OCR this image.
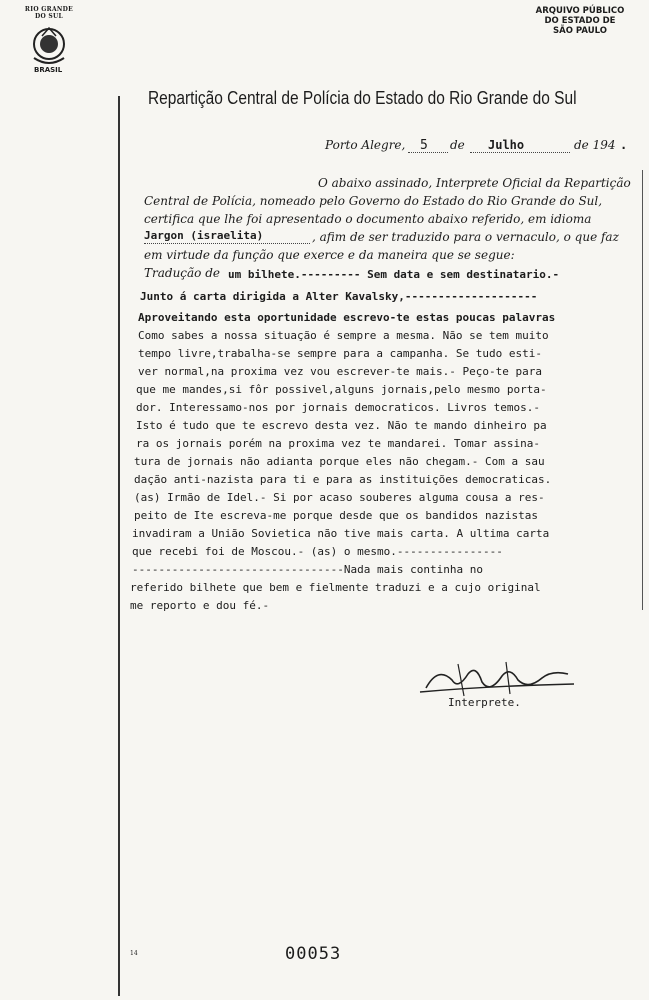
RIO GRANDE DO SUL
BRASIL
ARQUIVO PÚBLICO
DO ESTADO DE
SÃO PAULO
Repartição Central de Polícia do Estado do Rio Grande do Sul
Porto Alegre, 5 de Julho	de 194 .
O abaixo assinado, Interprete Oficial da Repartição
Central de Polícia, nomeado pelo Governo do Estado do Rio Grande do Sul,
certifica que lhe foi apresentado o documento abaixo referido, em idioma
Jargon (israelita)	, afim de ser traduzido para o vernaculo, o que faz
em virtude da função que exerce e da maneira que se segue:
Tradução de um bilhete.--------- Sem data e sem destinatario.-
Junto á carta dirigida a Alter Kavalsky,--------------------
Aproveitando esta oportunidade escrevo-te estas poucas palavras
Como sabes a nossa situação é sempre a mesma. Não se tem muito
tempo livre,trabalha-se sempre para a campanha. Se tudo esti-
ver normal,na proxima vez vou escrever-te mais.- Peço-te para
que me mandes,si fôr possivel,alguns jornais,pelo mesmo porta-
dor. Interessamo-nos por jornais democraticos. Livros temos.-
Isto é tudo que te escrevo desta vez. Não te mando dinheiro pa
ra os jornais porém na proxima vez te mandarei. Tomar assina-
tura de jornais não adianta porque eles não chegam.- Com a sau
dação anti-nazista para ti e para as instituições democraticas.
(as) Irmão de Idel.- Si por acaso souberes alguma cousa a res-
peito de Ite escreva-me porque desde que os bandidos nazistas
invadiram a União Sovietica não tive mais carta. A ultima carta
que recebi foi de Moscou.- (as) o mesmo.----------------
--------------------------------Nada mais continha no
referido bilhete que bem e fielmente traduzi e a cujo original
me reporto e dou fé.-
Interprete.
14	00053
